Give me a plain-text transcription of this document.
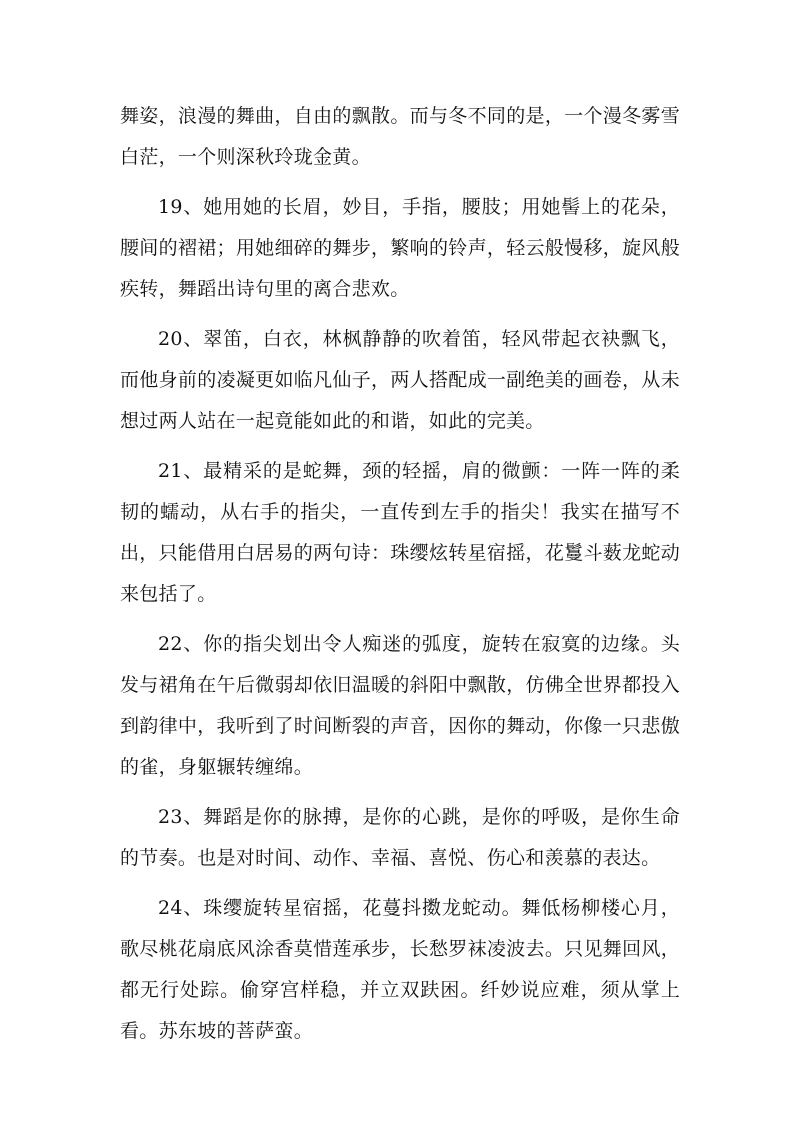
舞姿，浪漫的舞曲，自由的飘散。而与冬不同的是，一个漫冬雾雪白茫，一个则深秋玲珑金黄。

19、她用她的长眉，妙目，手指，腰肢；用她髻上的花朵，腰间的褶裙；用她细碎的舞步，繁响的铃声，轻云般慢移，旋风般疾转，舞蹈出诗句里的离合悲欢。

20、翠笛，白衣，林枫静静的吹着笛，轻风带起衣袂飘飞，而他身前的凌凝更如临凡仙子，两人搭配成一副绝美的画卷，从未想过两人站在一起竟能如此的和谐，如此的完美。

21、最精采的是蛇舞，颈的轻摇，肩的微颤：一阵一阵的柔韧的蠕动，从右手的指尖，一直传到左手的指尖！我实在描写不出，只能借用白居易的两句诗：珠缨炫转星宿摇，花鬘斗薮龙蛇动来包括了。

22、你的指尖划出令人痴迷的弧度，旋转在寂寞的边缘。头发与裙角在午后微弱却依旧温暖的斜阳中飘散，仿佛全世界都投入到韵律中，我听到了时间断裂的声音，因你的舞动，你像一只悲傲的雀，身躯辗转缠绵。

23、舞蹈是你的脉搏，是你的心跳，是你的呼吸，是你生命的节奏。也是对时间、动作、幸福、喜悦、伤心和羡慕的表达。

24、珠缨旋转星宿摇，花蔓抖擞龙蛇动。舞低杨柳楼心月，歌尽桃花扇底风涂香莫惜莲承步，长愁罗袜凌波去。只见舞回风，都无行处踪。偷穿宫样稳，并立双趺困。纤妙说应难，须从掌上看。苏东坡的菩萨蛮。
